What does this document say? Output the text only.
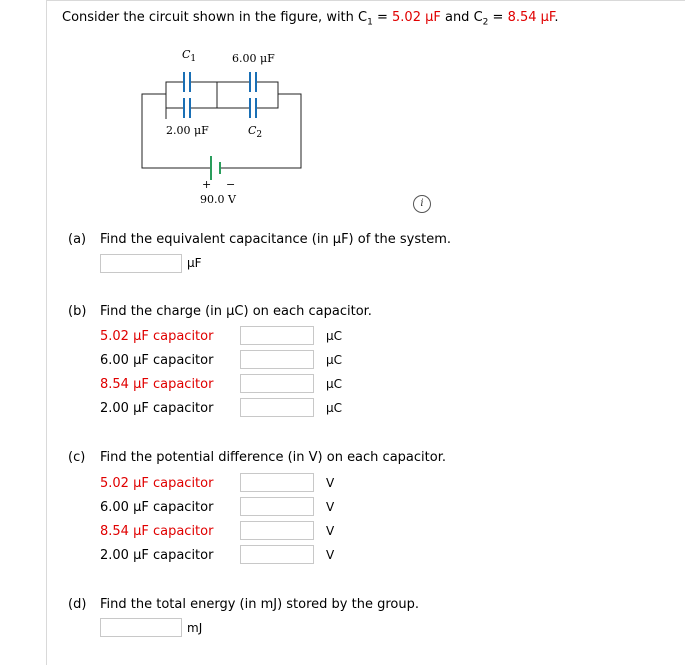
Consider the circuit shown in the figure, with $C_1 = 5.02$ μF and $C_2 = 8.54$ μF.
$C_1$	6.00 μF
2.00 μF	$C_2$
+ −
90.0 V	i
(a) Find the equivalent capacitance (in μF) of the system.
μF
(b) Find the charge (in μC) on each capacitor.
5.02 μF capacitor	μC
6.00 μF capacitor	μC
8.54 μF capacitor	μC
2.00 μF capacitor	μC
(c) Find the potential difference (in V) on each capacitor.
5.02 μF capacitor	V
6.00 μF capacitor	V
8.54 μF capacitor	V
2.00 μF capacitor	V
(d) Find the total energy (in mJ) stored by the group.
mJ
